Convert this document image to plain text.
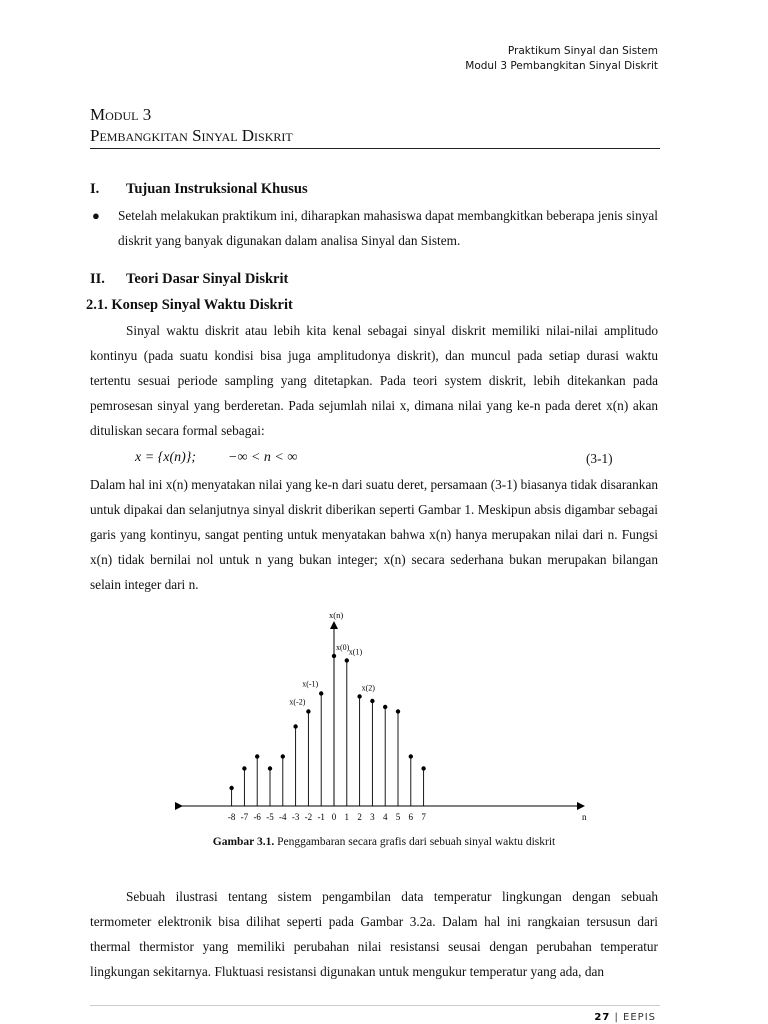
Praktikum Sinyal dan Sistem
Modul 3 Pembangkitan Sinyal Diskrit
Modul 3
Pembangkitan Sinyal Diskrit
I. Tujuan Instruksional Khusus
● Setelah melakukan praktikum ini, diharapkan mahasiswa dapat membangkitkan beberapa jenis sinyal diskrit yang banyak digunakan dalam analisa Sinyal dan Sistem.
II. Teori Dasar Sinyal Diskrit
2.1. Konsep Sinyal Waktu Diskrit
Sinyal waktu diskrit atau lebih kita kenal sebagai sinyal diskrit memiliki nilai-nilai amplitudo kontinyu (pada suatu kondisi bisa juga amplitudonya diskrit), dan muncul pada setiap durasi waktu tertentu sesuai periode sampling yang ditetapkan. Pada teori system diskrit, lebih ditekankan pada pemrosesan sinyal yang berderetan. Pada sejumlah nilai x, dimana nilai yang ke-n pada deret x(n) akan dituliskan secara formal sebagai:
x = {x(n)}; −∞ < n < ∞	(3-1)
Dalam hal ini x(n) menyatakan nilai yang ke-n dari suatu deret, persamaan (3-1) biasanya tidak disarankan untuk dipakai dan selanjutnya sinyal diskrit diberikan seperti Gambar 1. Meskipun absis digambar sebagai garis yang kontinyu, sangat penting untuk menyatakan bahwa x(n) hanya merupakan nilai dari n. Fungsi x(n) tidak bernilai nol untuk n yang bukan integer; x(n) secara sederhana bukan merupakan bilangan selain integer dari n.
x(n)
n
-8 -7 -6 -5 -4 -3 -2 -1 0 1 2 3 4 5 6 7
x(-2)
x(-1)
x(0) x(1)
x(2)
Gambar 3.1. Penggambaran secara grafis dari sebuah sinyal waktu diskrit
Sebuah ilustrasi tentang sistem pengambilan data temperatur lingkungan dengan sebuah termometer elektronik bisa dilihat seperti pada Gambar 3.2a. Dalam hal ini rangkaian tersusun dari thermal thermistor yang memiliki perubahan nilai resistansi seusai dengan perubahan temperatur lingkungan sekitarnya. Fluktuasi resistansi digunakan untuk mengukur temperatur yang ada, dan
27 | EEPIS
